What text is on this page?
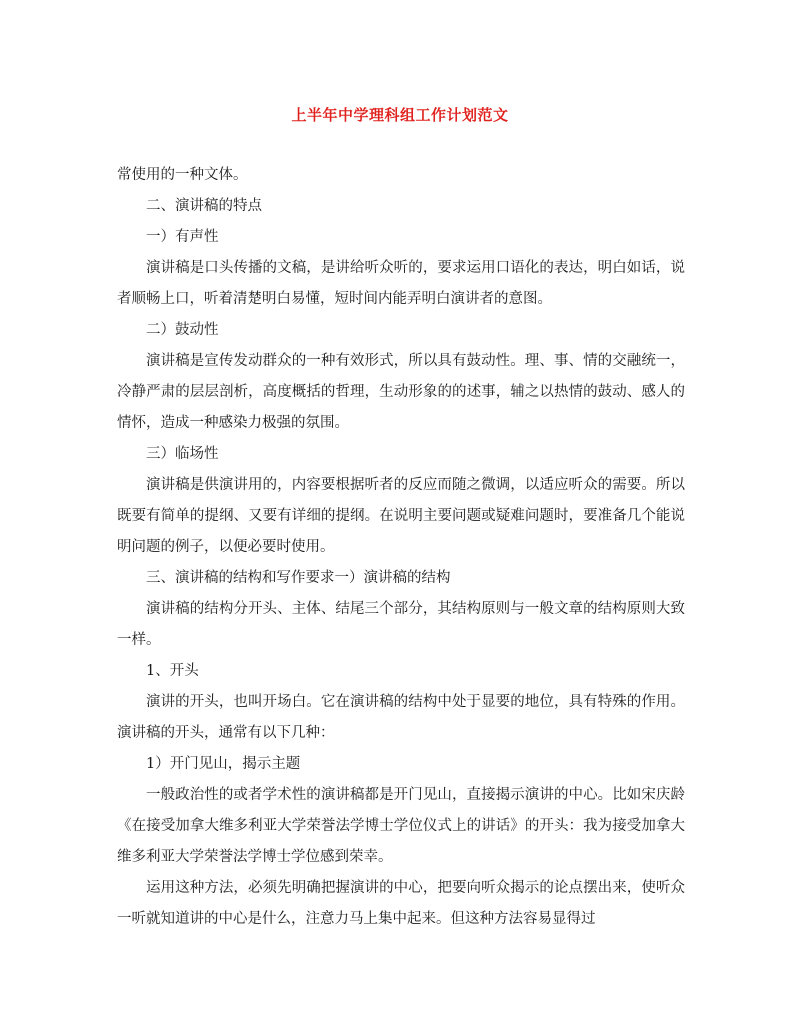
上半年中学理科组工作计划范文

常使用的一种文体。

二、演讲稿的特点

一）有声性

演讲稿是口头传播的文稿，是讲给听众听的，要求运用口语化的表达，明白如话，说者顺畅上口，听着清楚明白易懂，短时间内能弄明白演讲者的意图。

二）鼓动性

演讲稿是宣传发动群众的一种有效形式，所以具有鼓动性。理、事、情的交融统一，冷静严肃的层层剖析，高度概括的哲理，生动形象的的述事，辅之以热情的鼓动、感人的情怀，造成一种感染力极强的氛围。

三）临场性

演讲稿是供演讲用的，内容要根据听者的反应而随之微调，以适应听众的需要。所以既要有简单的提纲、又要有详细的提纲。在说明主要问题或疑难问题时，要准备几个能说明问题的例子，以便必要时使用。

三、演讲稿的结构和写作要求一）演讲稿的结构

演讲稿的结构分开头、主体、结尾三个部分，其结构原则与一般文章的结构原则大致一样。

1、开头

演讲的开头，也叫开场白。它在演讲稿的结构中处于显要的地位，具有特殊的作用。演讲稿的开头，通常有以下几种：

1）开门见山，揭示主题

一般政治性的或者学术性的演讲稿都是开门见山，直接揭示演讲的中心。比如宋庆龄《在接受加拿大维多利亚大学荣誉法学博士学位仪式上的讲话》的开头：我为接受加拿大维多利亚大学荣誉法学博士学位感到荣幸。

运用这种方法，必须先明确把握演讲的中心，把要向听众揭示的论点摆出来，使听众一听就知道讲的中心是什么，注意力马上集中起来。但这种方法容易显得过
